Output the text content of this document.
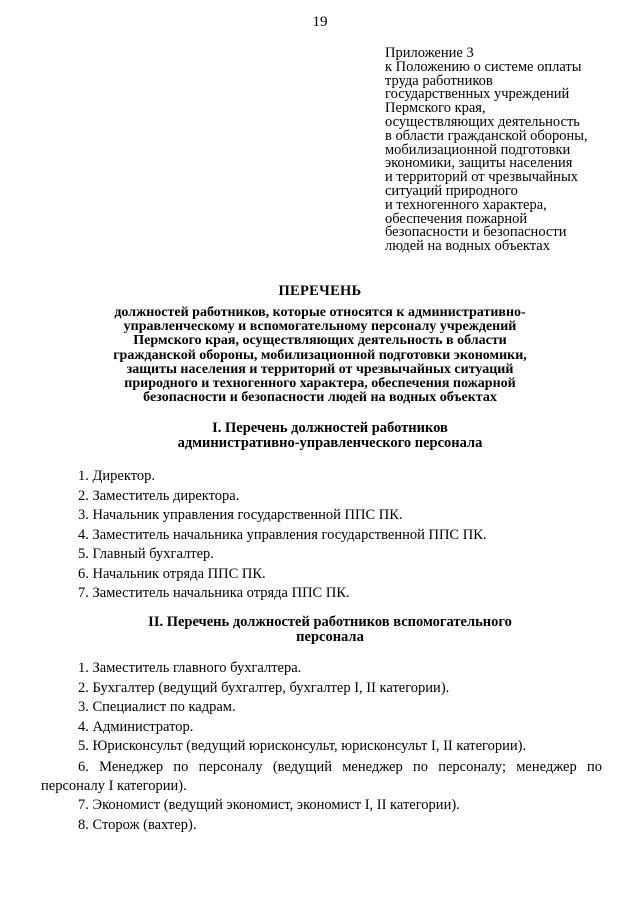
19
Приложение 3
к Положению о системе оплаты
труда работников
государственных учреждений
Пермского края,
осуществляющих деятельность
в области гражданской обороны,
мобилизационной подготовки
экономики, защиты населения
и территорий от чрезвычайных
ситуаций природного
и техногенного характера,
обеспечения пожарной
безопасности и безопасности
людей на водных объектах
ПЕРЕЧЕНЬ
должностей работников, которые относятся к административно-
управленческому и вспомогательному персоналу учреждений
Пермского края, осуществляющих деятельность в области
гражданской обороны, мобилизационной подготовки экономики,
защиты населения и территорий от чрезвычайных ситуаций
природного и техногенного характера, обеспечения пожарной
безопасности и безопасности людей на водных объектах
I. Перечень должностей работников
административно-управленческого персонала
1. Директор.
2. Заместитель директора.
3. Начальник управления государственной ППС ПК.
4. Заместитель начальника управления государственной ППС ПК.
5. Главный бухгалтер.
6. Начальник отряда ППС ПК.
7. Заместитель начальника отряда ППС ПК.
II. Перечень должностей работников вспомогательного
персонала
1. Заместитель главного бухгалтера.
2. Бухгалтер (ведущий бухгалтер, бухгалтер I, II категории).
3. Специалист по кадрам.
4. Администратор.
5. Юрисконсульт (ведущий юрисконсульт, юрисконсульт I, II категории).
6. Менеджер по персоналу (ведущий менеджер по персоналу; менеджер по персоналу I категории).
7. Экономист (ведущий экономист, экономист I, II категории).
8. Сторож (вахтер).
